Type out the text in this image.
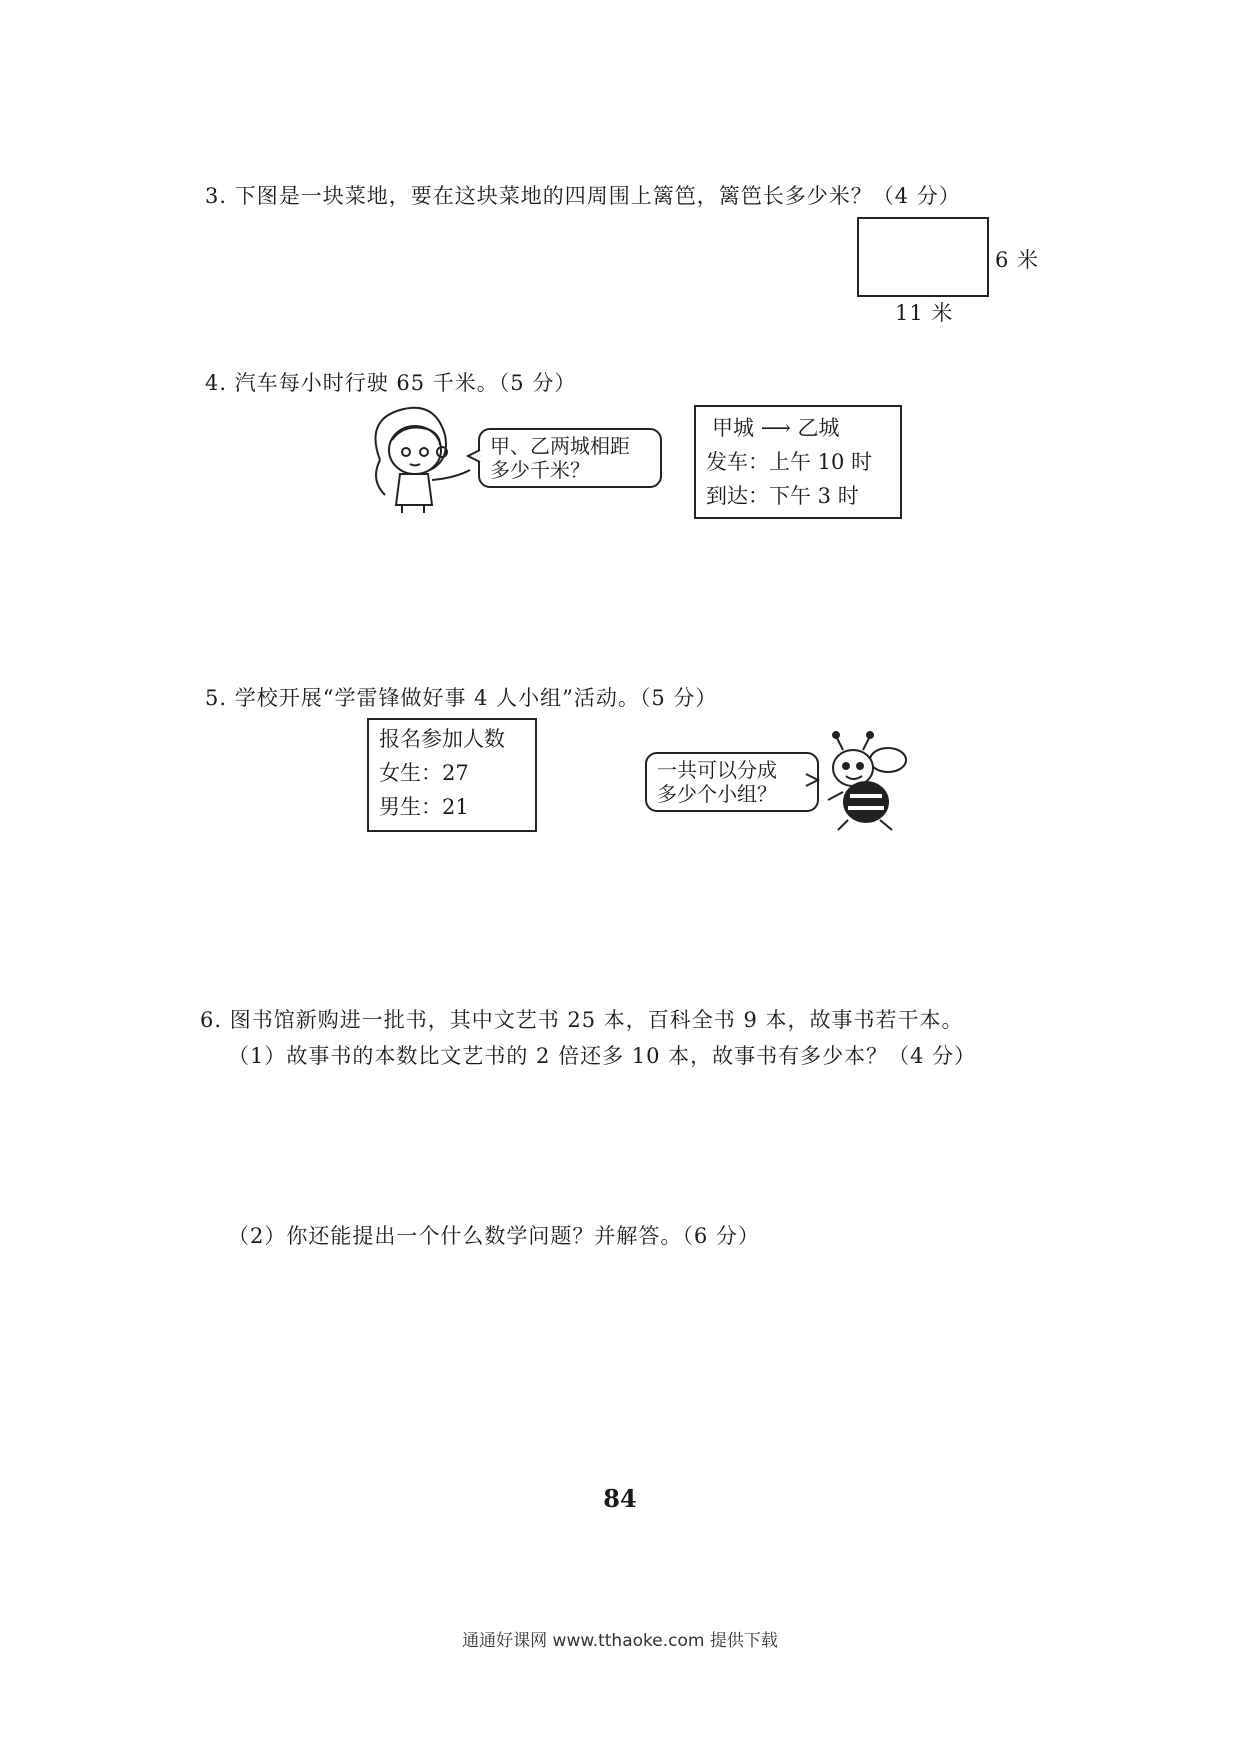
3. 下图是一块菜地，要在这块菜地的四周围上篱笆，篱笆长多少米？（4 分）
6 米
11 米
4. 汽车每小时行驶 65 千米。（5 分）
甲、乙两城相距
多少千米？
甲城 ⟶ 乙城
发车：上午 10 时
到达：下午 3 时
5. 学校开展“学雷锋做好事 4 人小组”活动。（5 分）
报名参加人数
女生：27
男生：21
一共可以分成
多少个小组？
6. 图书馆新购进一批书，其中文艺书 25 本，百科全书 9 本，故事书若干本。
（1）故事书的本数比文艺书的 2 倍还多 10 本，故事书有多少本？（4 分）
（2）你还能提出一个什么数学问题？并解答。（6 分）
84
通通好课网 www.tthaoke.com 提供下载
